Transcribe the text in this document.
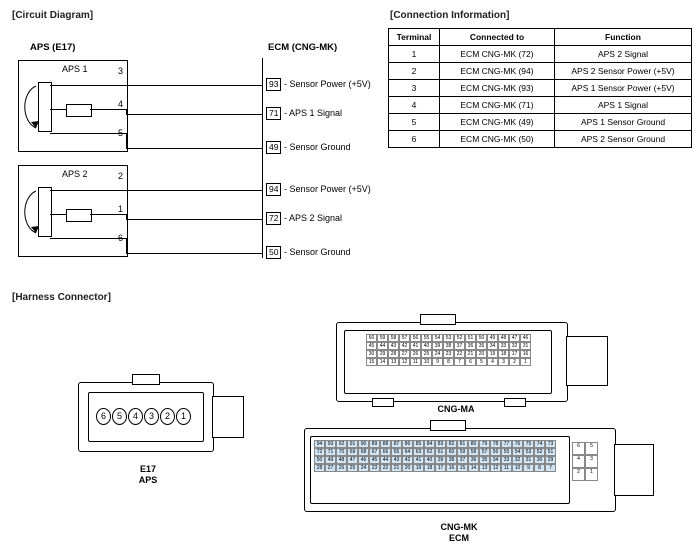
[Circuit Diagram]	[Connection Information]
[Harness Connector]
APS (E17)	ECM (CNG-MK)
APS 1
APS 2
3
4
5
2
1
6
93 - Sensor Power (+5V)
71 - APS 1 Signal
49 - Sensor Ground
94 - Sensor Power (+5V)
72 - APS 2 Signal
50 - Sensor Ground
Terminal	Connected to	Function
1	ECM CNG-MK (72)	APS 2 Signal
2	ECM CNG-MK (94)	APS 2 Sensor Power (+5V)
3	ECM CNG-MK (93)	APS 1 Sensor Power (+5V)
4	ECM CNG-MK (71)	APS 1 Signal
5	ECM CNG-MK (49)	APS 1 Sensor Ground
6	ECM CNG-MK (50)	APS 2 Sensor Ground
6	5	4	3	2	1
E17
APS
60	59	58	57	56	55	54	53	52	51	50	49	48	47	46
45	44	43	42	41	40	39	38	37	36	35	34	33	32	31
30	29	28	27	26	25	24	23	22	21	20	19	18	17	16
15	14	13	12	11	10	9	8	7	6	5	4	3	2	1
CNG-MA
94	93	92	91	90	89	88	87	86	85	84	83	82	81	80	79	78	77	76	75	74	73
72	71	70	69	68	67	66	65	64	63	62	61	60	59	58	57	56	55	54	53	52	51
50	49	48	47	46	45	44	43	42	41	40	39	38	37	36	35	34	33	32	31	30	29
28	27	26	25	24	23	22	21	20	19	18	17	16	15	14	13	12	11	10	9	8	7
6	5
4	3
2	1
CNG-MK
ECM
